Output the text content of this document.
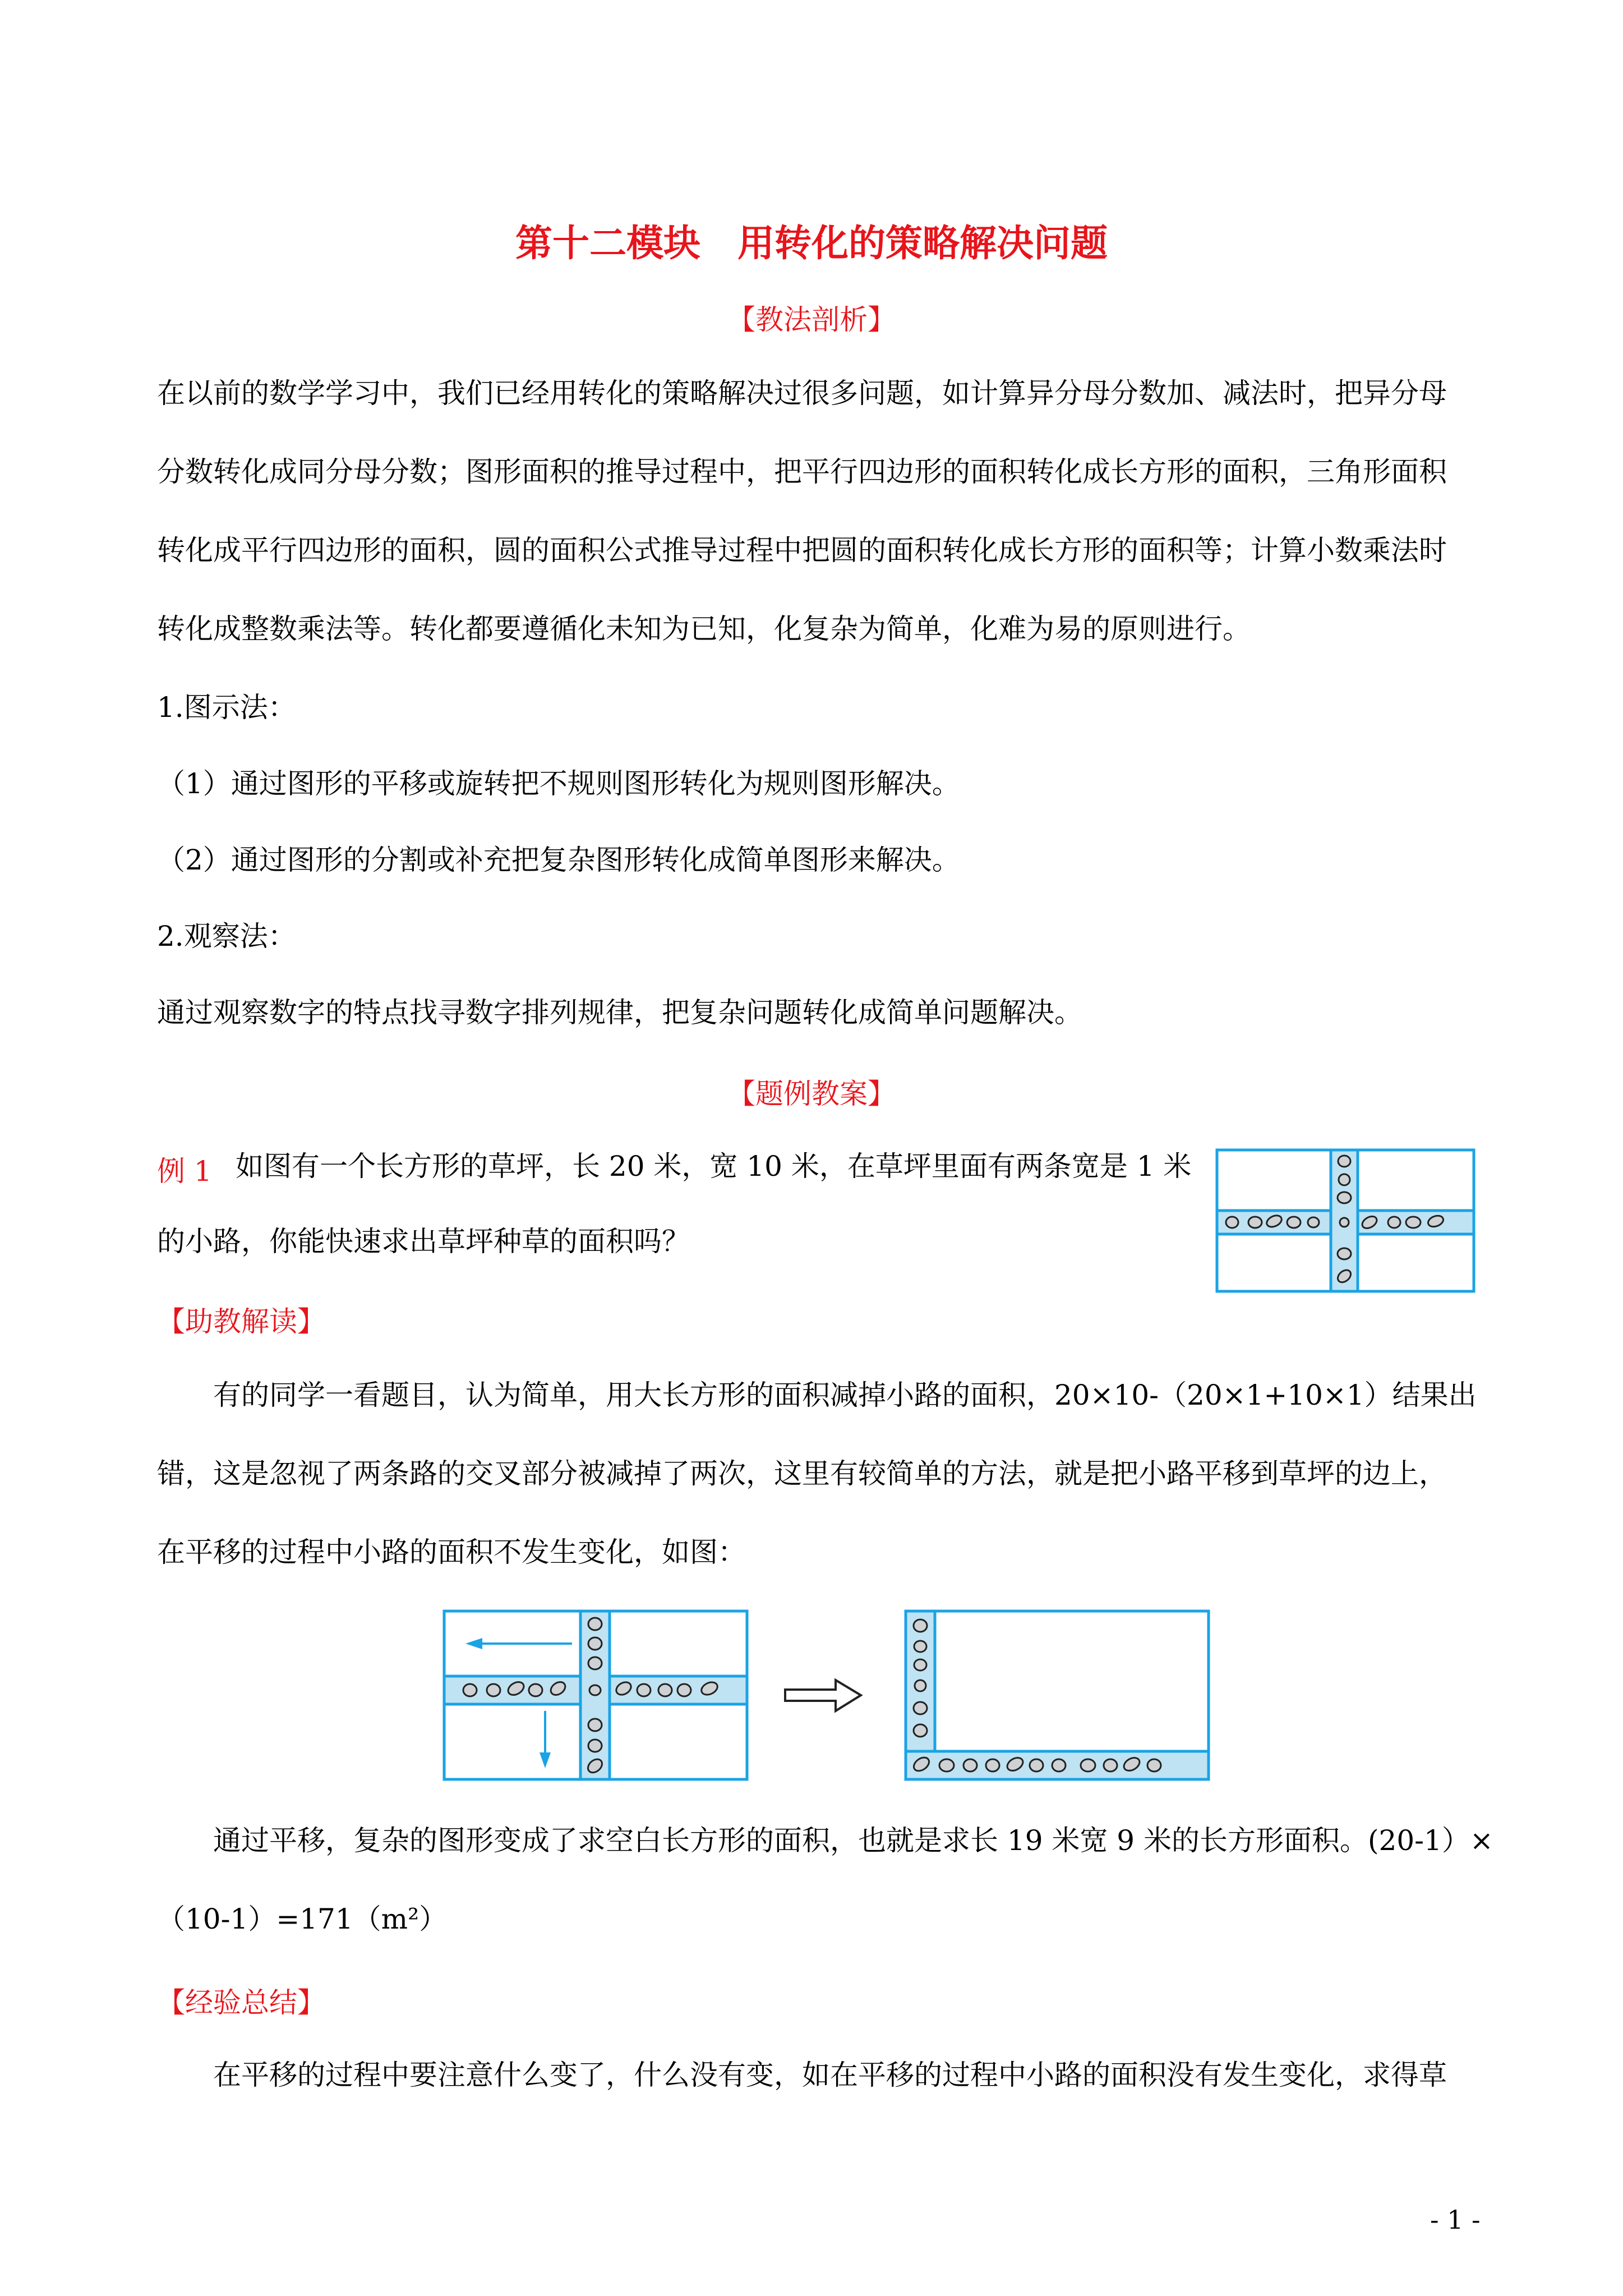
第十二模块　用转化的策略解决问题
【教法剖析】
在以前的数学学习中，我们已经用转化的策略解决过很多问题，如计算异分母分数加、减法时，把异分母
分数转化成同分母分数；图形面积的推导过程中，把平行四边形的面积转化成长方形的面积，三角形面积
转化成平行四边形的面积，圆的面积公式推导过程中把圆的面积转化成长方形的面积等；计算小数乘法时
转化成整数乘法等。转化都要遵循化未知为已知，化复杂为简单，化难为易的原则进行。
1.图示法：
（1）通过图形的平移或旋转把不规则图形转化为规则图形解决。
（2）通过图形的分割或补充把复杂图形转化成简单图形来解决。
2.观察法：
通过观察数字的特点找寻数字排列规律，把复杂问题转化成简单问题解决。
【题例教案】
例 1 如图有一个长方形的草坪，长 20 米，宽 10 米，在草坪里面有两条宽是 1 米
的小路，你能快速求出草坪种草的面积吗？
【助教解读】
有的同学一看题目，认为简单，用大长方形的面积减掉小路的面积，20×10-（20×1+10×1）结果出
错，这是忽视了两条路的交叉部分被减掉了两次，这里有较简单的方法，就是把小路平移到草坪的边上，
在平移的过程中小路的面积不发生变化，如图：
通过平移，复杂的图形变成了求空白长方形的面积，也就是求长 19 米宽 9 米的长方形面积。(20-1）×
（10-1）=171（m²）
【经验总结】
在平移的过程中要注意什么变了，什么没有变，如在平移的过程中小路的面积没有发生变化，求得草
- 1 -
